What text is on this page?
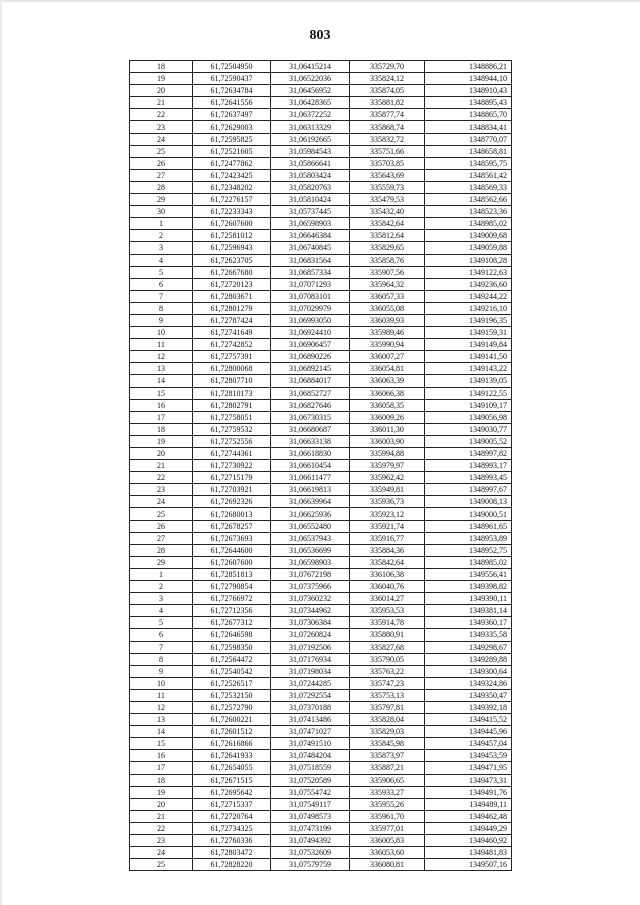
803
18	61,72504950	31,06415214	335729,70	1348886,21
19	61,72590437	31,06522036	335824,12	1348944,10
20	61,72634784	31,06456952	335874,05	1348910,43
21	61,72641556	31,06428365	335881,82	1348895,43
22	61,72637497	31,06372252	335877,74	1348865,70
23	61,72629003	31,06313329	335868,74	1348834,41
24	61,72595825	31,06192665	335832,72	1348770,07
25	61,72521605	31,05984543	335751,66	1348658,81
26	61,72477862	31,05866641	335703,85	1348595,75
27	61,72423425	31,05803424	335643,69	1348561,42
28	61,72348202	31,05820763	335559,73	1348569,33
29	61,72276157	31,05810424	335479,53	1348562,66
30	61,72233343	31,05737445	335432,40	1348523,36
1	61,72607600	31,06598903	335842,64	1348985,02
2	61,72581012	31,06646384	335812,64	1349009,68
3	61,72596943	31,06740845	335829,65	1349059,88
4	61,72623705	31,06831564	335858,76	1349108,28
5	61,72667680	31,06857334	335907,56	1349122,63
6	61,72720123	31,07071293	335964,32	1349236,60
7	61,72803671	31,07083101	336057,33	1349244,22
8	61,72801279	31,07029979	336055,08	1349216,10
9	61,72787424	31,06993050	336039,93	1349196,35
10	61,72741649	31,06924410	335989,46	1349159,31
11	61,72742852	31,06906457	335990,94	1349149,84
12	61,72757391	31,06890226	336007,27	1349141,50
13	61,72800068	31,06892145	336054,81	1349143,22
14	61,72807710	31,06884017	336063,39	1349139,05
15	61,72810173	31,06852727	336066,38	1349122,55
16	61,72802791	31,06827646	336058,35	1349109,17
17	61,72758051	31,06730315	336009,26	1349056,98
18	61,72759532	31,06680687	336011,30	1349030,77
19	61,72752556	31,06633138	336003,90	1349005,52
20	61,72744361	31,06618830	335994,88	1348997,82
21	61,72730922	31,06610454	335979,97	1348993,17
22	61,72715179	31,06611477	335962,42	1348993,45
23	61,72703921	31,06619813	335949,81	1348997,67
24	61,72692326	31,06639964	335936,73	1349008,13
25	61,72680013	31,06625936	335923,12	1349000,51
26	61,72678257	31,06552480	335921,74	1348961,65
27	61,72673693	31,06537943	335916,77	1348953,89
28	61,72644600	31,06536699	335884,36	1348952,75
29	61,72607600	31,06598903	335842,64	1348985,02
1	61,72851813	31,07672198	336106,38	1349556,41
2	61,72790854	31,07375966	336040,76	1349398,82
3	61,72766972	31,07360232	336014,27	1349390,11
4	61,72712356	31,07344962	335953,53	1349381,14
5	61,72677312	31,07306384	335914,78	1349360,17
6	61,72646598	31,07260824	335880,91	1349335,58
7	61,72598350	31,07192506	335827,68	1349298,67
8	61,72564472	31,07176934	335790,05	1349289,88
9	61,72540542	31,07198034	335763,22	1349300,64
10	61,72526517	31,07244285	335747,23	1349324,86
11	61,72532150	31,07292554	335753,13	1349350,47
12	61,72572790	31,07370188	335797,81	1349392,18
13	61,72600221	31,07413486	335828,04	1349415,52
14	61,72601512	31,07471027	335829,03	1349445,96
15	61,72616866	31,07491510	335845,98	1349457,04
16	61,72641933	31,07484204	335873,97	1349453,59
17	61,72654055	31,07518559	335887,21	1349471,95
18	61,72671515	31,07520589	335906,65	1349473,31
19	61,72695642	31,07554742	335933,27	1349491,76
20	61,72715337	31,07549117	335955,26	1349489,11
21	61,72720764	31,07498573	335961,70	1349462,48
22	61,72734325	31,07473199	335977,01	1349449,29
23	61,72760336	31,07494392	336005,83	1349460,92
24	61,72803472	31,07532609	336053,60	1349481,83
25	61,72828220	31,07579759	336080,81	1349507,16
